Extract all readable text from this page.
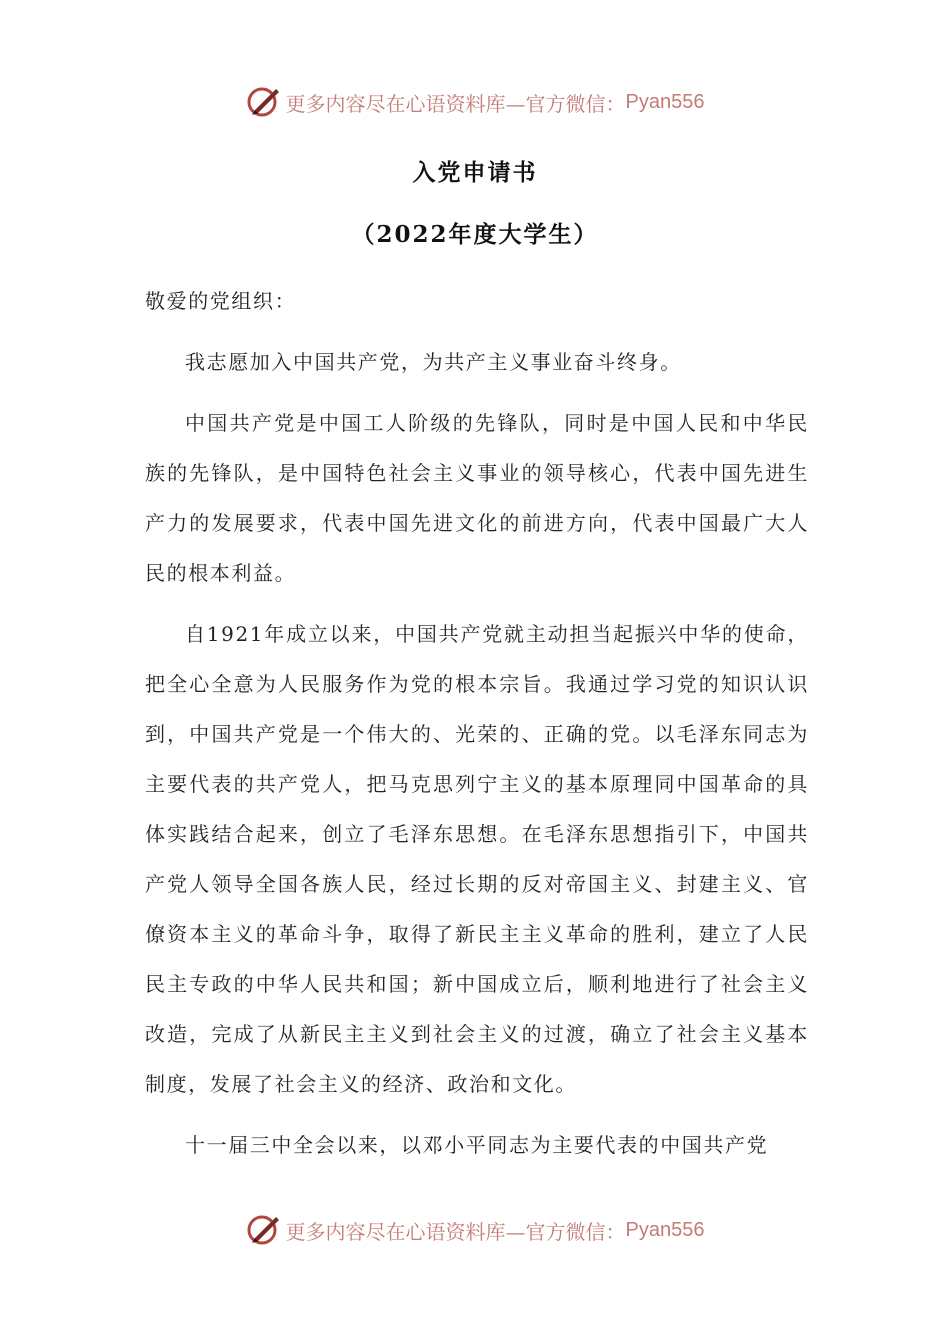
更多内容尽在心语资料库—官方微信： Pyan556
入党申请书
（2022年度大学生）

敬爱的党组织：

我志愿加入中国共产党，为共产主义事业奋斗终身。

中国共产党是中国工人阶级的先锋队，同时是中国人民和中华民族的先锋队，是中国特色社会主义事业的领导核心，代表中国先进生产力的发展要求，代表中国先进文化的前进方向，代表中国最广大人民的根本利益。

自1921年成立以来，中国共产党就主动担当起振兴中华的使命，把全心全意为人民服务作为党的根本宗旨。我通过学习党的知识认识到，中国共产党是一个伟大的、光荣的、正确的党。以毛泽东同志为主要代表的共产党人，把马克思列宁主义的基本原理同中国革命的具体实践结合起来，创立了毛泽东思想。在毛泽东思想指引下，中国共产党人领导全国各族人民，经过长期的反对帝国主义、封建主义、官僚资本主义的革命斗争，取得了新民主主义革命的胜利，建立了人民民主专政的中华人民共和国；新中国成立后，顺利地进行了社会主义改造，完成了从新民主主义到社会主义的过渡，确立了社会主义基本制度，发展了社会主义的经济、政治和文化。

十一届三中全会以来，以邓小平同志为主要代表的中国共产党

更多内容尽在心语资料库—官方微信： Pyan556
